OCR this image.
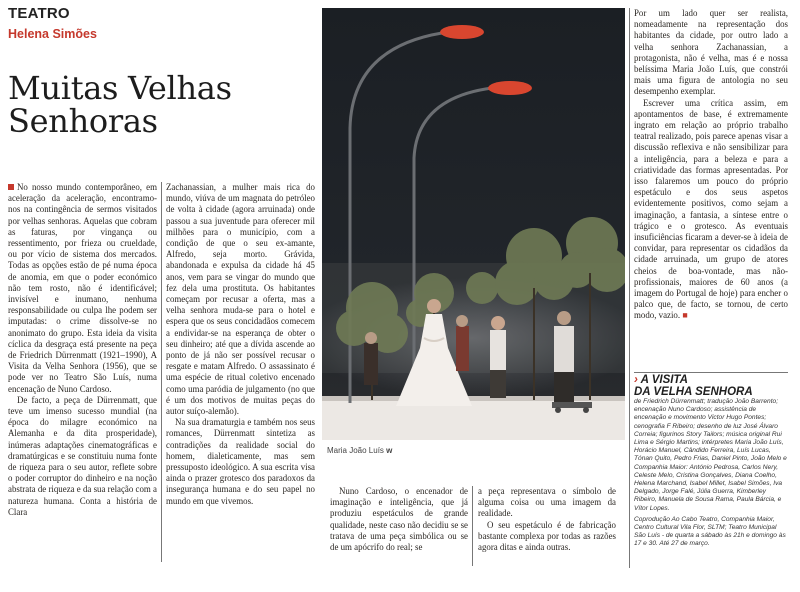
TEATRO
Helena Simões
Muitas Velhas
Senhoras

No nosso mundo contemporâneo, em aceleração da aceleração, encontramo-nos na contingência de sermos visitados por velhas senhoras. Aquelas que cobram as faturas, por vingança ou ressentimento, por frieza ou crueldade, ou por vício de sistema dos mercados. Todas as opções estão de pé numa época de anomia, em que o poder económico não tem rosto, não é identificável; invisível e inumano, nenhuma responsabilidade ou culpa lhe podem ser imputadas: o crime dissolve-se no anonimato do grupo. Esta ideia da visita cíclica da desgraça está presente na peça de Friedrich Dürrenmatt (1921–1990), A Visita da Velha Senhora (1956), que se pode ver no Teatro São Luís, numa encenação de Nuno Cardoso.

De facto, a peça de Dürrenmatt, que teve um imenso sucesso mundial (na época do milagre económico na Alemanha e da dita prosperidade), inúmeras adaptações cinematográficas e dramatúrgicas e se constituiu numa fonte de riqueza para o seu autor, reflete sobre o poder corruptor do dinheiro e na noção abstrata de riqueza e da sua relação com a natureza humana. Conta a história de Clara

Zachanassian, a mulher mais rica do mundo, viúva de um magnata do petróleo de volta à cidade (agora arruinada) onde passou a sua juventude para oferecer mil milhões para o município, com a condição de que o seu ex-amante, Alfredo, seja morto. Grávida, abandonada e expulsa da cidade há 45 anos, vem para se vingar do mundo que fez dela uma prostituta. Os habitantes começam por recusar a oferta, mas a velha senhora muda-se para o hotel e espera que os seus concidadãos comecem a endividar-se na esperança de obter o seu dinheiro; até que a dívida ascende ao ponto de já não ser possível recusar o resgate e matam Alfredo. O assassinato é uma espécie de ritual coletivo encenado como uma paródia de julgamento (no que é um dos motivos de muitas peças do autor suíço-alemão).

Na sua dramaturgia e também nos seus romances, Dürrenmatt sintetiza as contradições da realidade social do homem, dialeticamente, mas sem pressuposto ideológico. A sua escrita visa ainda o prazer grotesco dos paradoxos da insegurança humana e do seu papel no mundo em que vivemos.

Maria João Luís w

Nuno Cardoso, o encenador de imaginação e inteligência, que já produziu espetáculos de grande qualidade, neste caso não decidiu se se tratava de uma peça simbólica ou se de um apócrifo do real; se

a peça representava o símbolo de alguma coisa ou uma imagem da realidade.

O seu espetáculo é de fabricação bastante complexa por todas as razões agora ditas e ainda outras.

Por um lado quer ser realista, nomeadamente na representação dos habitantes da cidade, por outro lado a velha senhora Zachanassian, a protagonista, não é velha, mas é e nossa belíssima Maria João Luís, que constrói mais uma figura de antologia no seu desempenho exemplar.

Escrever uma crítica assim, em apontamentos de base, é extremamente ingrato em relação ao próprio trabalho teatral realizado, pois parece apenas visar a discussão reflexiva e não sensibilizar para a inteligência, para a beleza e para a criatividade das formas apresentadas. Por isso falaremos um pouco do próprio espetáculo e dos seus aspetos evidentemente positivos, como sejam a imaginação, a fantasia, a síntese entre o trágico e o grotesco. As eventuais insuficiências ficaram a dever-se à ideia de convidar, para representar os cidadãos da cidade arruinada, um grupo de atores cheios de boa-vontade, mas não-profissionais, maiores de 60 anos (a imagem do Portugal de hoje) para encher o palco que, de facto, se tornou, de certo modo, vazio. ■

› A VISITA
DA VELHA SENHORA

de Friedrich Dürrenmatt; tradução João Barrento; encenação Nuno Cardoso; assistência de encenação e movimento Victor Hugo Pontes; cenografia F Ribeiro; desenho de luz José Álvaro Correia; figurinos Story Tailors; música original Rui Lima e Sérgio Martins; intérpretes Maria João Luís, Horácio Manuel, Cândido Ferreira, Luís Lucas, Tónan Quito, Pedro Frias, Daniel Pinto, João Melo e Companhia Maior: António Pedrosa, Carlos Nery, Celeste Melo, Cristina Gonçalves, Diana Coelho, Helena Marchand, Isabel Millet, Isabel Simões, Iva Delgado, Jorge Falé, Júlia Guerra, Kimberley Ribeiro, Manuela de Sousa Rama, Paula Bárcia, e Vítor Lopes.

Coprodução Ao Cabo Teatro, Companhia Maior, Centro Cultural Vila Flor, SLTM; Teatro Municipal São Luís - de quarta a sábado às 21h e domingo às 17 e 30. Até 27 de março.
